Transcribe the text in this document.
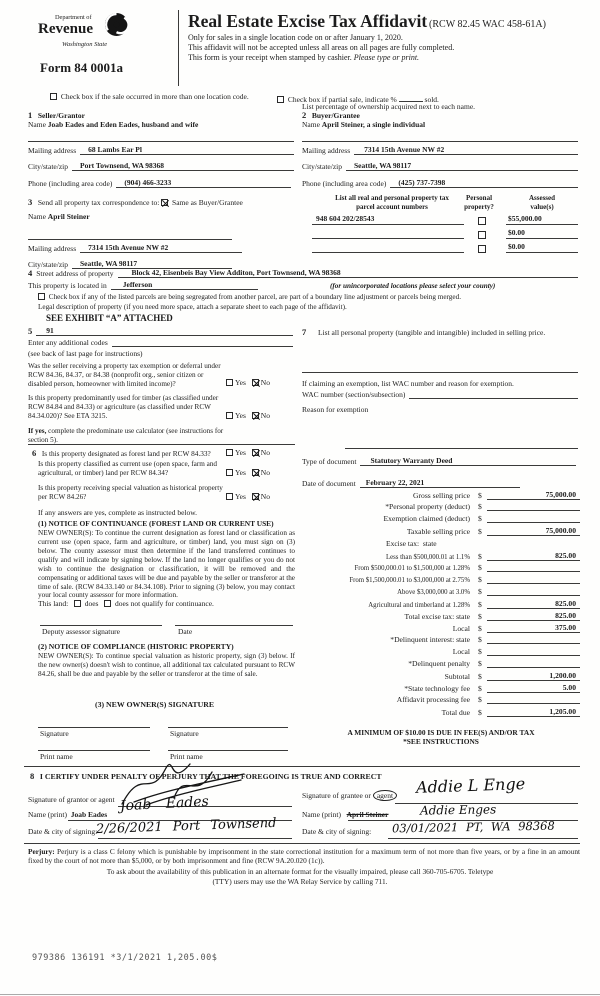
Department of
Revenue
Washington State
Form 84 0001a
Real Estate Excise Tax Affidavit (RCW 82.45 WAC 458-61A)
Only for sales in a single location code on or after January 1, 2020.
This affidavit will not be accepted unless all areas on all pages are fully completed.
This form is your receipt when stamped by cashier. Please type or print.
Check box if the sale occurred in more than one location code.	Check box if partial sale, indicate %	sold.
List percentage of ownership acquired next to each name.
1 Seller/Grantor
Name Joab Eades and Eden Eades, husband and wife
Mailing address	68 Lambs Ear Pl
City/state/zip	Port Townsend, WA 98368
Phone (including area code)	(904) 466-3233
2 Buyer/Grantee
Name April Steiner, a single individual
Mailing address	7314 15th Avenue NW #2
City/state/zip	Seattle, WA 98117
Phone (including area code)	(425) 737-7398
3 Send all property tax correspondence to: Same as Buyer/Grantee
Name April Steiner
Mailing address	7314 15th Avenue NW #2
City/state/zip	Seattle, WA 98117
List all real and personal property tax
parcel account numbers
Personal
property?
Assessed
value(s)
948 604 202/28543	$55,000.00
$0.00
$0.00
4 Street address of property	Block 42, Eisenbeis Bay View Additon, Port Townsend, WA 98368
This property is located in	Jefferson	(for unincorporated locations please select your county)
Check box if any of the listed parcels are being segregated from another parcel, are part of a boundary line adjustment or parcels being merged.
Legal description of property (if you need more space, attach a separate sheet to each page of the affidavit).
SEE EXHIBIT “A” ATTACHED
5	91
Enter any additional codes
(see back of last page for instructions)
Was the seller receiving a property tax exemption or deferral under RCW 84.36, 84.37, or 84.38 (nonprofit org., senior citizen or disabled person, homeowner with limited income)?	Yes No
Is this property predominantly used for timber (as classified under RCW 84.84 and 84.33) or agriculture (as classified under RCW 84.34.020)? See ETA 3215.	Yes No
If yes, complete the predominate use calculator (see instructions for section 5).
6 Is this property designated as forest land per RCW 84.33?	Yes No
Is this property classified as current use (open space, farm and agricultural, or timber) land per RCW 84.34?	Yes No
Is this property receiving special valuation as historical property per RCW 84.26?	Yes No
If any answers are yes, complete as instructed below.
(1) NOTICE OF CONTINUANCE (FOREST LAND OR CURRENT USE)
NEW OWNER(S): To continue the current designation as forest land or classification as current use (open space, farm and agriculture, or timber) land, you must sign on (3) below. The county assessor must then determine if the land transferred continues to qualify and will indicate by signing below. If the land no longer qualifies or you do not wish to continue the designation or classification, it will be removed and the compensating or additional taxes will be due and payable by the seller or transferor at the time of sale. (RCW 84.33.140 or 84.34.108). Prior to signing (3) below, you may contact your local county assessor for more information.
This land: does does not qualify for continuance.
Deputy assessor signature	Date
(2) NOTICE OF COMPLIANCE (HISTORIC PROPERTY)
NEW OWNER(S): To continue special valuation as historic property, sign (3) below. If the new owner(s) doesn't wish to continue, all additional tax calculated pursuant to RCW 84.26, shall be due and payable by the seller or transferor at the time of sale.
(3) NEW OWNER(S) SIGNATURE
Signature	Signature
Print name	Print name
7	List all personal property (tangible and intangible) included in selling price.
If claiming an exemption, list WAC number and reason for exemption.
WAC number (section/subsection)
Reason for exemption
Type of document	Statutory Warranty Deed
Date of document	February 22, 2021
Gross selling price $	75,000.00
*Personal property (deduct) $
Exemption claimed (deduct) $
Taxable selling price $	75,000.00
Excise tax:  state
Less than $500,000.01 at 1.1% $	825.00
From $500,000.01 to $1,500,000 at 1.28% $
From $1,500,000.01 to $3,000,000 at 2.75% $
Above $3,000,000 at 3.0% $
Agricultural and timberland at 1.28% $	825.00
Total excise tax: state $	825.00
Local $	375.00
*Delinquent interest: state $
Local $
*Delinquent penalty $
Subtotal $	1,200.00
*State technology fee $	5.00
Affidavit processing fee $
Total due $	1,205.00
A MINIMUM OF $10.00 IS DUE IN FEE(S) AND/OR TAX
*SEE INSTRUCTIONS
8 I CERTIFY UNDER PENALTY OF PERJURY THAT THE FOREGOING IS TRUE AND CORRECT
Signature of grantor or agent
Name (print) Joab Eades
Joab Eades
Date & city of signing:
2/26/2021 Port Townsend
Signature of grantee or agent Addie L Enge
Name (print) April Steiner	Addie Enges
Date & city of signing: 03/01/2021 PT, WA 98368
Perjury: Perjury is a class C felony which is punishable by imprisonment in the state correctional institution for a maximum term of not more than five years, or by a fine in an amount fixed by the court of not more than $5,000, or by both imprisonment and fine (RCW 9A.20.020 (1c)).
To ask about the availability of this publication in an alternate format for the visually impaired, please call 360-705-6705. Teletype
(TTY) users may use the WA Relay Service by calling 711.
979386 136191 *3/1/2021 1,205.00$
